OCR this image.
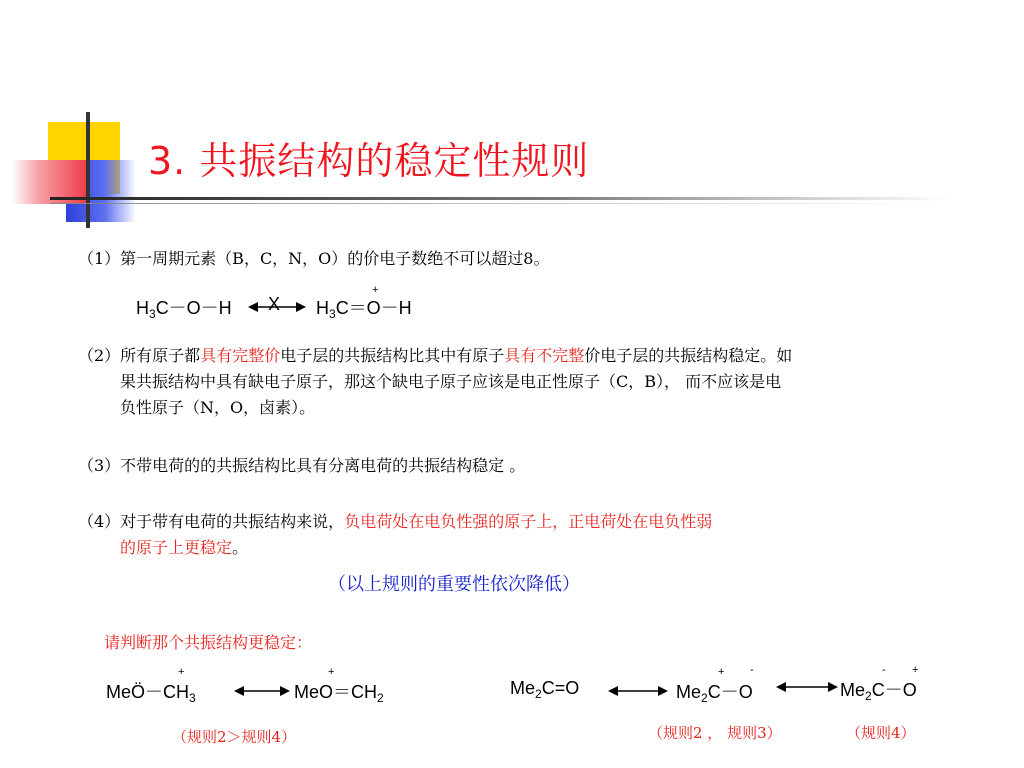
3. 共振结构的稳定性规则
（1）第一周期元素（B，C，N，O）的价电子数绝不可以超过8。
$H_3C-O-H$ X $H_3C=O-H$
+

（2）所有原子都具有完整价电子层的共振结构比其中有原子具有不完整价电子层的共振结构稳定。如

果共振结构中具有缺电子原子，那这个缺电子原子应该是电正性原子（C，B）， 而不应该是电

负性原子（N，O，卤素）。

（3）不带电荷的的共振结构比具有分离电荷的共振结构稳定 。

（4）对于带有电荷的共振结构来说，负电荷处在电负性强的原子上，正电荷处在电负性弱

的原子上更稳定。

（以上规则的重要性依次降低）
请判断那个共振结构更稳定：
$MeÖ-CH_3$
+
$MeO=CH_2$
+
（规则2＞规则4）
$Me_2C=O$	$Me_2C-O$
+ -
$Me_2C-O$
- +
（规则2 ， 规则3）	（规则4）
